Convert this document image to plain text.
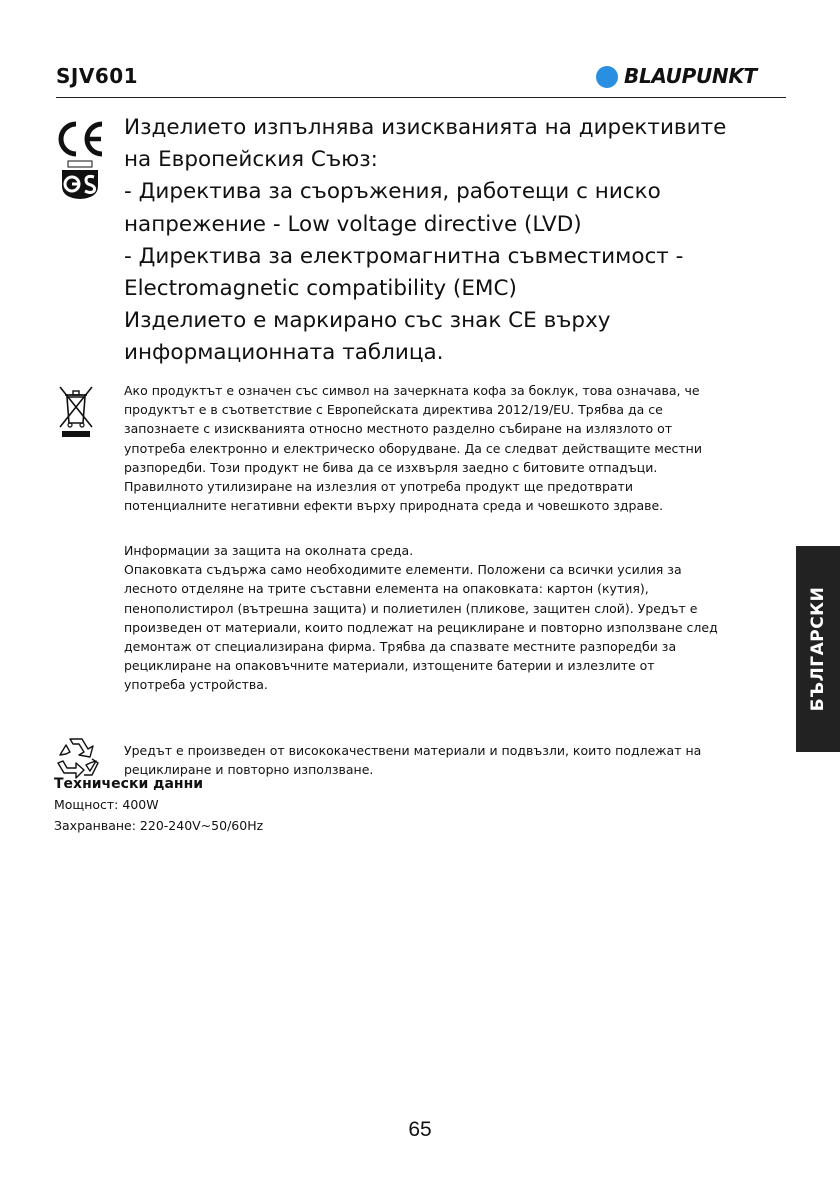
SJV601	BLAUPUNKT

Изделието изпълнява изискванията на директивите

на Европейския Съюз:

- Директива за съоръжения, работещи с ниско

напрежение - Low voltage directive (LVD)

- Директива за електромагнитна съвместимост -

Electromagnetic compatibility (EMC)

Изделието е маркирано със знак CE върху

информационната таблица.

Ако продуктът е означен със символ на зачеркната кофа за боклук, това означава, че

продуктът е в съответствие с Европейската директива 2012/19/EU. Трябва да се

запознаете с изискванията относно местното разделно събиране на излязлото от

употреба електронно и електрическо оборудване. Да се следват действащите местни

разпоредби. Този продукт не бива да се изхвърля заедно с битовите отпадъци.

Правилното утилизиране на излезлия от употреба продукт ще предотврати

потенциалните негативни ефекти върху природната среда и човешкото здраве.

Информации за защита на околната среда.

Опаковката съдържа само необходимите елементи. Положени са всички усилия за

лесното отделяне на трите съставни елемента на опаковката: картон (кутия),

пенополистирол (вътрешна защита) и полиетилен (пликове, защитен слой). Уредът е

произведен от материали, които подлежат на рециклиране и повторно използване след

демонтаж от специализирана фирма. Трябва да спазвате местните разпоредби за

рециклиране на опаковъчните материали, изтощените батерии и излезлите от

употреба устройства.

Уредът е произведен от висококачествени материали и подвъзли, които подлежат на

рециклиране и повторно използване.

Технически данни
Мощност: 400W
Захранване: 220-240V~50/60Hz
БЪЛГАРСКИ
65
